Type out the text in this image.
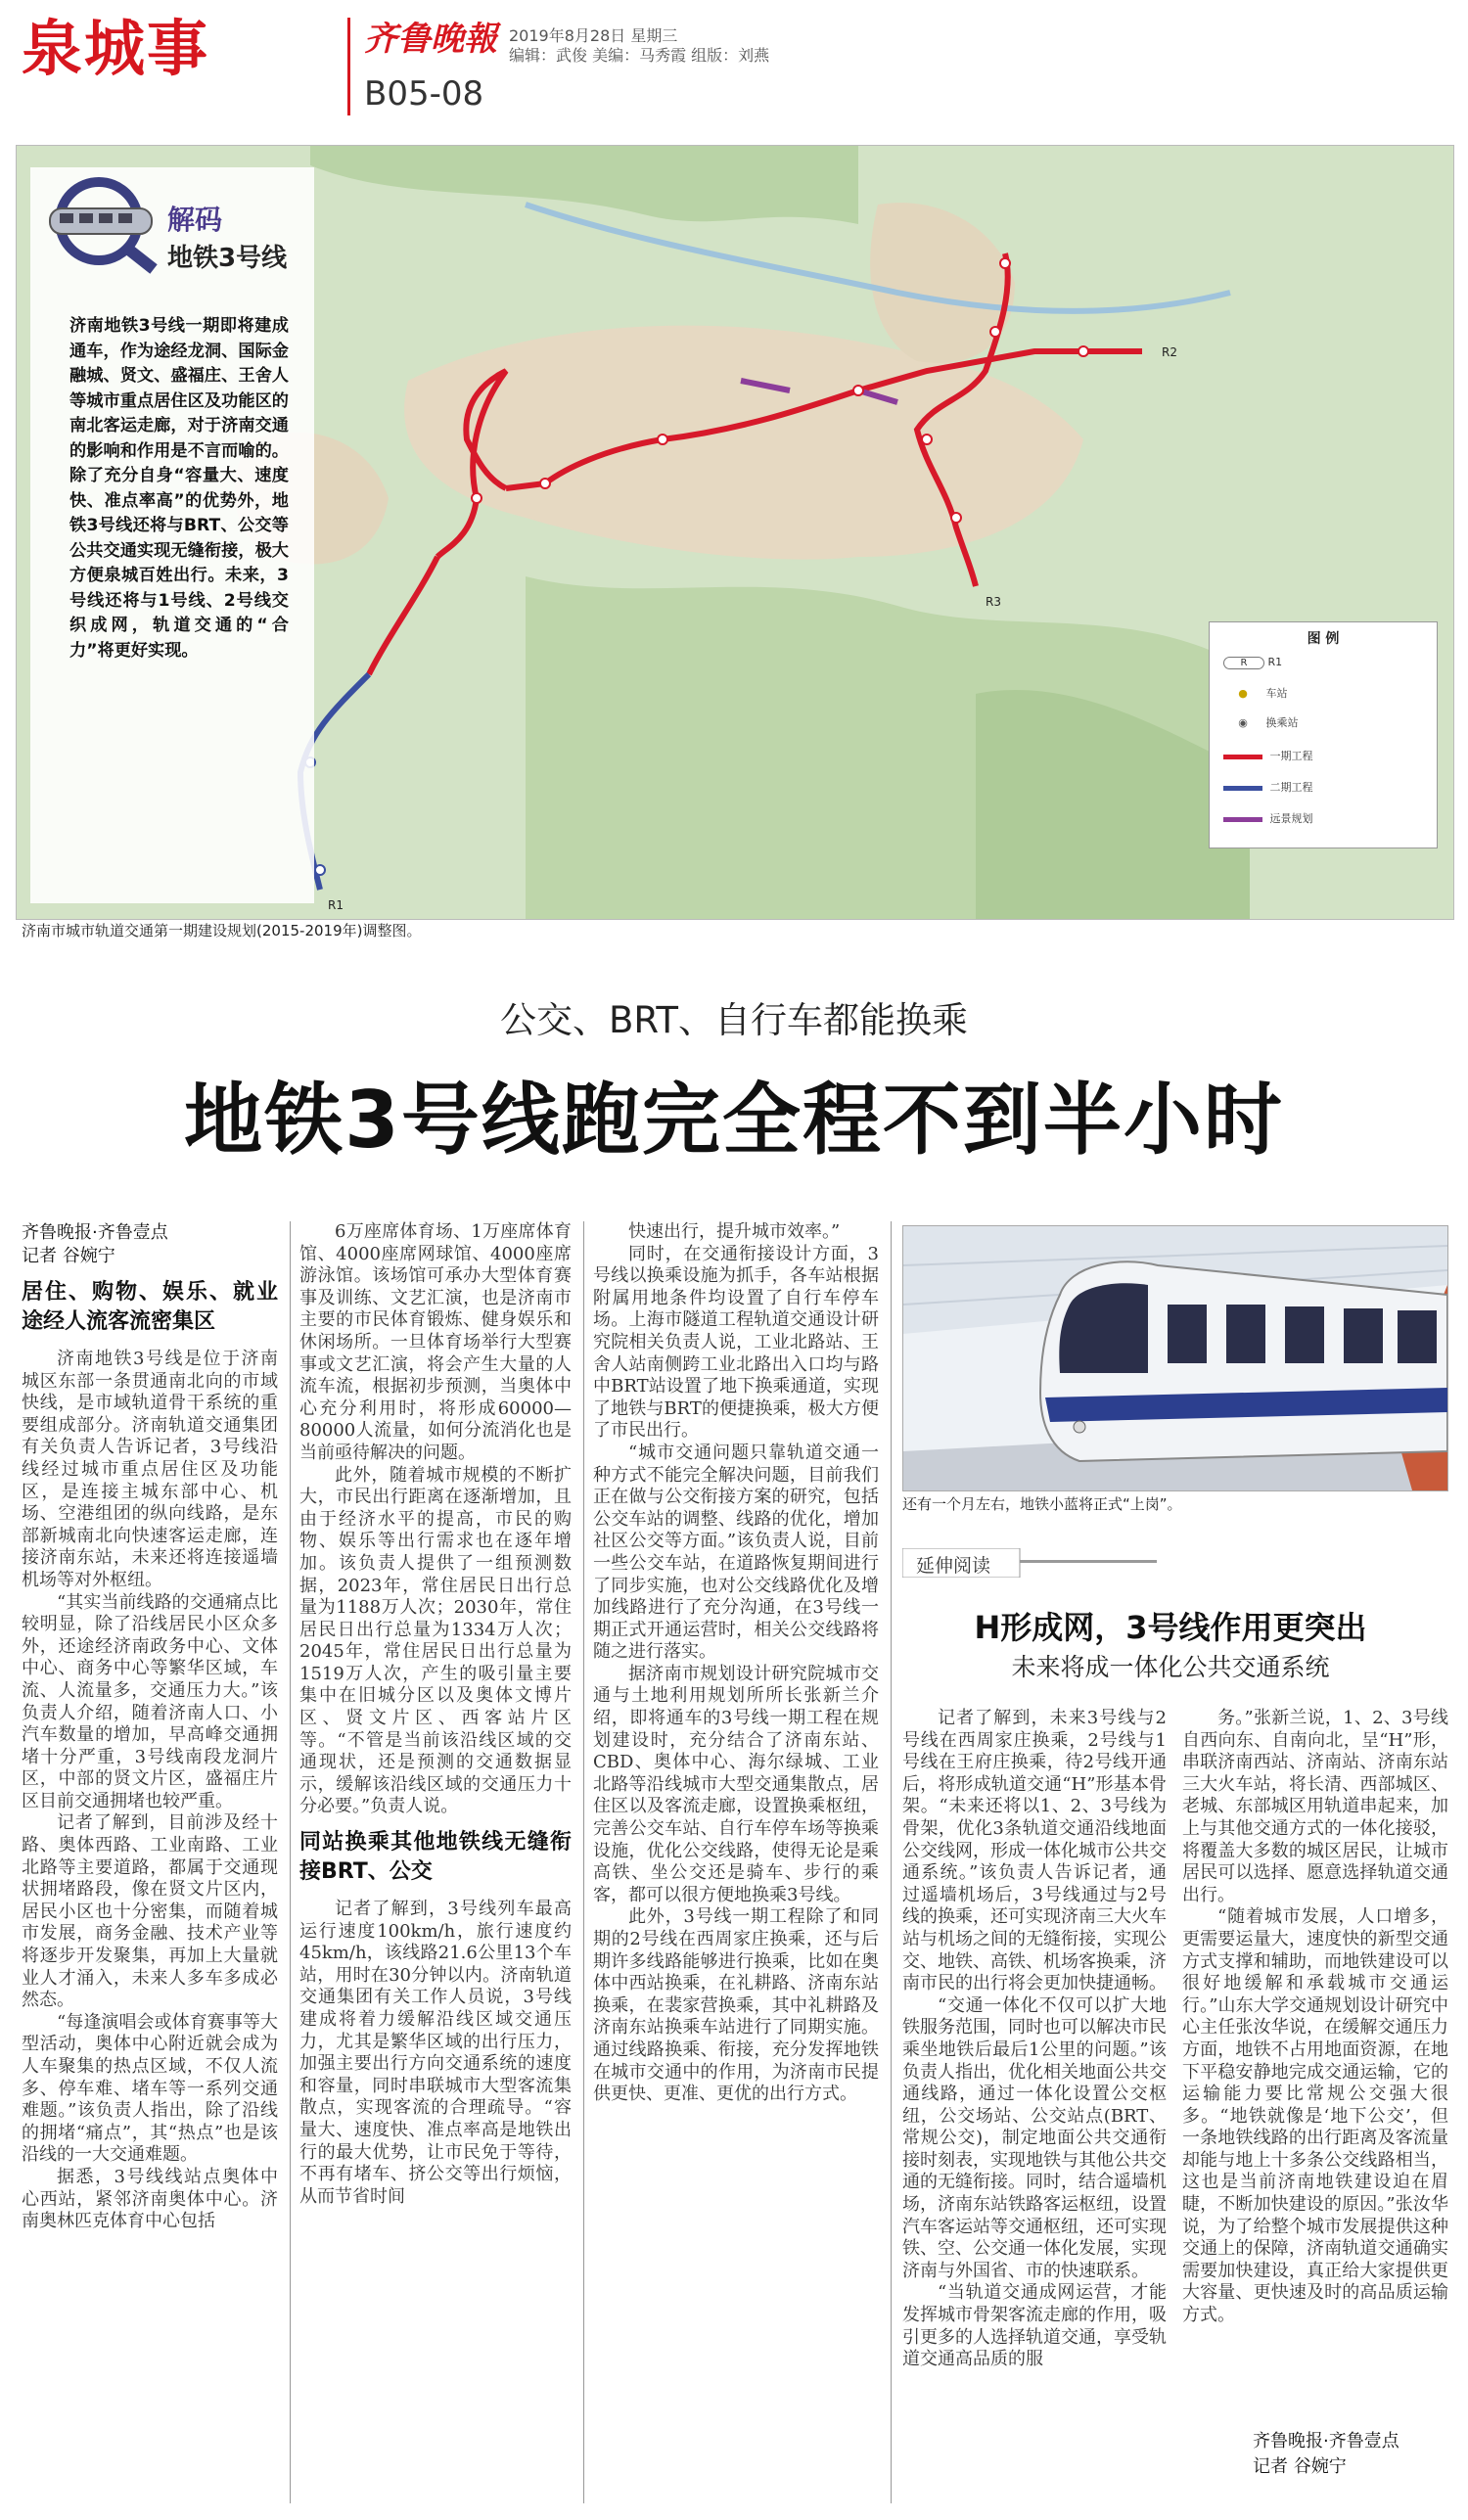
泉城事	齐鲁晚報 2019年8月28日 星期三
编辑：武俊 美编：马秀霞 组版：刘燕
B05-08
R2
R3
R1
解码
地铁3号线
济南地铁3号线一期即将建成通车，作为途经龙洞、国际金融城、贤文、盛福庄、王舍人等城市重点居住区及功能区的南北客运走廊，对于济南交通的影响和作用是不言而喻的。除了充分自身“容量大、速度快、准点率高”的优势外，地铁3号线还将与BRT、公交等公共交通实现无缝衔接，极大方便泉城百姓出行。未来，3号线还将与1号线、2号线交织成网，轨道交通的“合力”将更好实现。
图 例
R R1
● 车站
◉ 换乘站
一期工程
二期工程
远景规划
济南市城市轨道交通第一期建设规划(2015-2019年)调整图。
公交、BRT、自行车都能换乘
地铁3号线跑完全程不到半小时
齐鲁晚报·齐鲁壹点
记者 谷婉宁
居住、购物、娱乐、就业途经人流客流密集区

济南地铁3号线是位于济南城区东部一条贯通南北向的市域快线，是市域轨道骨干系统的重要组成部分。济南轨道交通集团有关负责人告诉记者，3号线沿线经过城市重点居住区及功能区，是连接主城东部中心、机场、空港组团的纵向线路，是东部新城南北向快速客运走廊，连接济南东站，未来还将连接遥墙机场等对外枢纽。

“其实当前线路的交通痛点比较明显，除了沿线居民小区众多外，还途经济南政务中心、文体中心、商务中心等繁华区域，车流、人流量多，交通压力大。”该负责人介绍，随着济南人口、小汽车数量的增加，早高峰交通拥堵十分严重，3号线南段龙洞片区，中部的贤文片区，盛福庄片区目前交通拥堵也较严重。

记者了解到，目前涉及经十路、奥体西路、工业南路、工业北路等主要道路，都属于交通现状拥堵路段，像在贤文片区内，居民小区也十分密集，而随着城市发展，商务金融、技术产业等将逐步开发聚集，再加上大量就业人才涌入，未来人多车多成必然态。

“每逢演唱会或体育赛事等大型活动，奥体中心附近就会成为人车聚集的热点区域，不仅人流多、停车难、堵车等一系列交通难题。”该负责人指出，除了沿线的拥堵“痛点”，其“热点”也是该沿线的一大交通难题。

据悉，3号线线站点奥体中心西站，紧邻济南奥体中心。济南奥林匹克体育中心包括

6万座席体育场、1万座席体育馆、4000座席网球馆、4000座席游泳馆。该场馆可承办大型体育赛事及训练、文艺汇演，也是济南市主要的市民体育锻炼、健身娱乐和休闲场所。一旦体育场举行大型赛事或文艺汇演，将会产生大量的人流车流，根据初步预测，当奥体中心充分利用时，将形成60000—80000人流量，如何分流消化也是当前亟待解决的问题。

此外，随着城市规模的不断扩大，市民出行距离在逐渐增加，且由于经济水平的提高，市民的购物、娱乐等出行需求也在逐年增加。该负责人提供了一组预测数据，2023年，常住居民日出行总量为1188万人次；2030年，常住居民日出行总量为1334万人次；2045年，常住居民日出行总量为1519万人次，产生的吸引量主要集中在旧城分区以及奥体文博片区、贤文片区、西客站片区等。“不管是当前该沿线区域的交通现状，还是预测的交通数据显示，缓解该沿线区域的交通压力十分必要。”负责人说。

同站换乘其他地铁线无缝衔接BRT、公交

记者了解到，3号线列车最高运行速度100km/h，旅行速度约45km/h，该线路21.6公里13个车站，用时在30分钟以内。济南轨道交通集团有关工作人员说，3号线建成将着力缓解沿线区域交通压力，尤其是繁华区域的出行压力，加强主要出行方向交通系统的速度和容量，同时串联城市大型客流集散点，实现客流的合理疏导。“容量大、速度快、准点率高是地铁出行的最大优势，让市民免于等待，不再有堵车、挤公交等出行烦恼，从而节省时间

快速出行，提升城市效率。”

同时，在交通衔接设计方面，3号线以换乘设施为抓手，各车站根据附属用地条件均设置了自行车停车场。上海市隧道工程轨道交通设计研究院相关负责人说，工业北路站、王舍人站南侧跨工业北路出入口均与路中BRT站设置了地下换乘通道，实现了地铁与BRT的便捷换乘，极大方便了市民出行。

“城市交通问题只靠轨道交通一种方式不能完全解决问题，目前我们正在做与公交衔接方案的研究，包括公交车站的调整、线路的优化，增加社区公交等方面。”该负责人说，目前一些公交车站，在道路恢复期间进行了同步实施，也对公交线路优化及增加线路进行了充分沟通，在3号线一期正式开通运营时，相关公交线路将随之进行落实。

据济南市规划设计研究院城市交通与土地利用规划所所长张新兰介绍，即将通车的3号线一期工程在规划建设时，充分结合了济南东站、CBD、奥体中心、海尔绿城、工业北路等沿线城市大型交通集散点，居住区以及客流走廊，设置换乘枢纽，完善公交车站、自行车停车场等换乘设施，优化公交线路，使得无论是乘高铁、坐公交还是骑车、步行的乘客，都可以很方便地换乘3号线。

此外，3号线一期工程除了和同期的2号线在西周家庄换乘，还与后期许多线路能够进行换乘，比如在奥体中西站换乘，在礼耕路、济南东站换乘，在裴家营换乘，其中礼耕路及济南东站换乘车站进行了同期实施。通过线路换乘、衔接，充分发挥地铁在城市交通中的作用，为济南市民提供更快、更准、更优的出行方式。

还有一个月左右，地铁小蓝将正式“上岗”。
延伸阅读
H形成网，3号线作用更突出
未来将成一体化公共交通系统

记者了解到，未来3号线与2号线在西周家庄换乘，2号线与1号线在王府庄换乘，待2号线开通后，将形成轨道交通“H”形基本骨架。“未来还将以1、2、3号线为骨架，优化3条轨道交通沿线地面公交线网，形成一体化城市公共交通系统。”该负责人告诉记者，通过遥墙机场后，3号线通过与2号线的换乘，还可实现济南三大火车站与机场之间的无缝衔接，实现公交、地铁、高铁、机场客换乘，济南市民的出行将会更加快捷通畅。

“交通一体化不仅可以扩大地铁服务范围，同时也可以解决市民乘坐地铁后最后1公里的问题。”该负责人指出，优化相关地面公共交通线路，通过一体化设置公交枢纽，公交场站、公交站点(BRT、常规公交)，制定地面公共交通衔接时刻表，实现地铁与其他公共交通的无缝衔接。同时，结合遥墙机场，济南东站铁路客运枢纽，设置汽车客运站等交通枢纽，还可实现铁、空、公交通一体化发展，实现济南与外国省、市的快速联系。

“当轨道交通成网运营，才能发挥城市骨架客流走廊的作用，吸引更多的人选择轨道交通，享受轨道交通高品质的服

务。”张新兰说，1、2、3号线自西向东、自南向北，呈“H”形，串联济南西站、济南站、济南东站三大火车站，将长清、西部城区、老城、东部城区用轨道串起来，加上与其他交通方式的一体化接驳，将覆盖大多数的城区居民，让城市居民可以选择、愿意选择轨道交通出行。

“随着城市发展，人口增多，更需要运量大，速度快的新型交通方式支撑和辅助，而地铁建设可以很好地缓解和承载城市交通运行。”山东大学交通规划设计研究中心主任张汝华说，在缓解交通压力方面，地铁不占用地面资源，在地下平稳安静地完成交通运输，它的运输能力要比常规公交强大很多。“地铁就像是‘地下公交’，但一条地铁线路的出行距离及客流量却能与地上十多条公交线路相当，这也是当前济南地铁建设迫在眉睫，不断加快建设的原因。”张汝华说，为了给整个城市发展提供这种交通上的保障，济南轨道交通确实需要加快建设，真正给大家提供更大容量、更快速及时的高品质运输方式。

齐鲁晚报·齐鲁壹点
记者 谷婉宁
